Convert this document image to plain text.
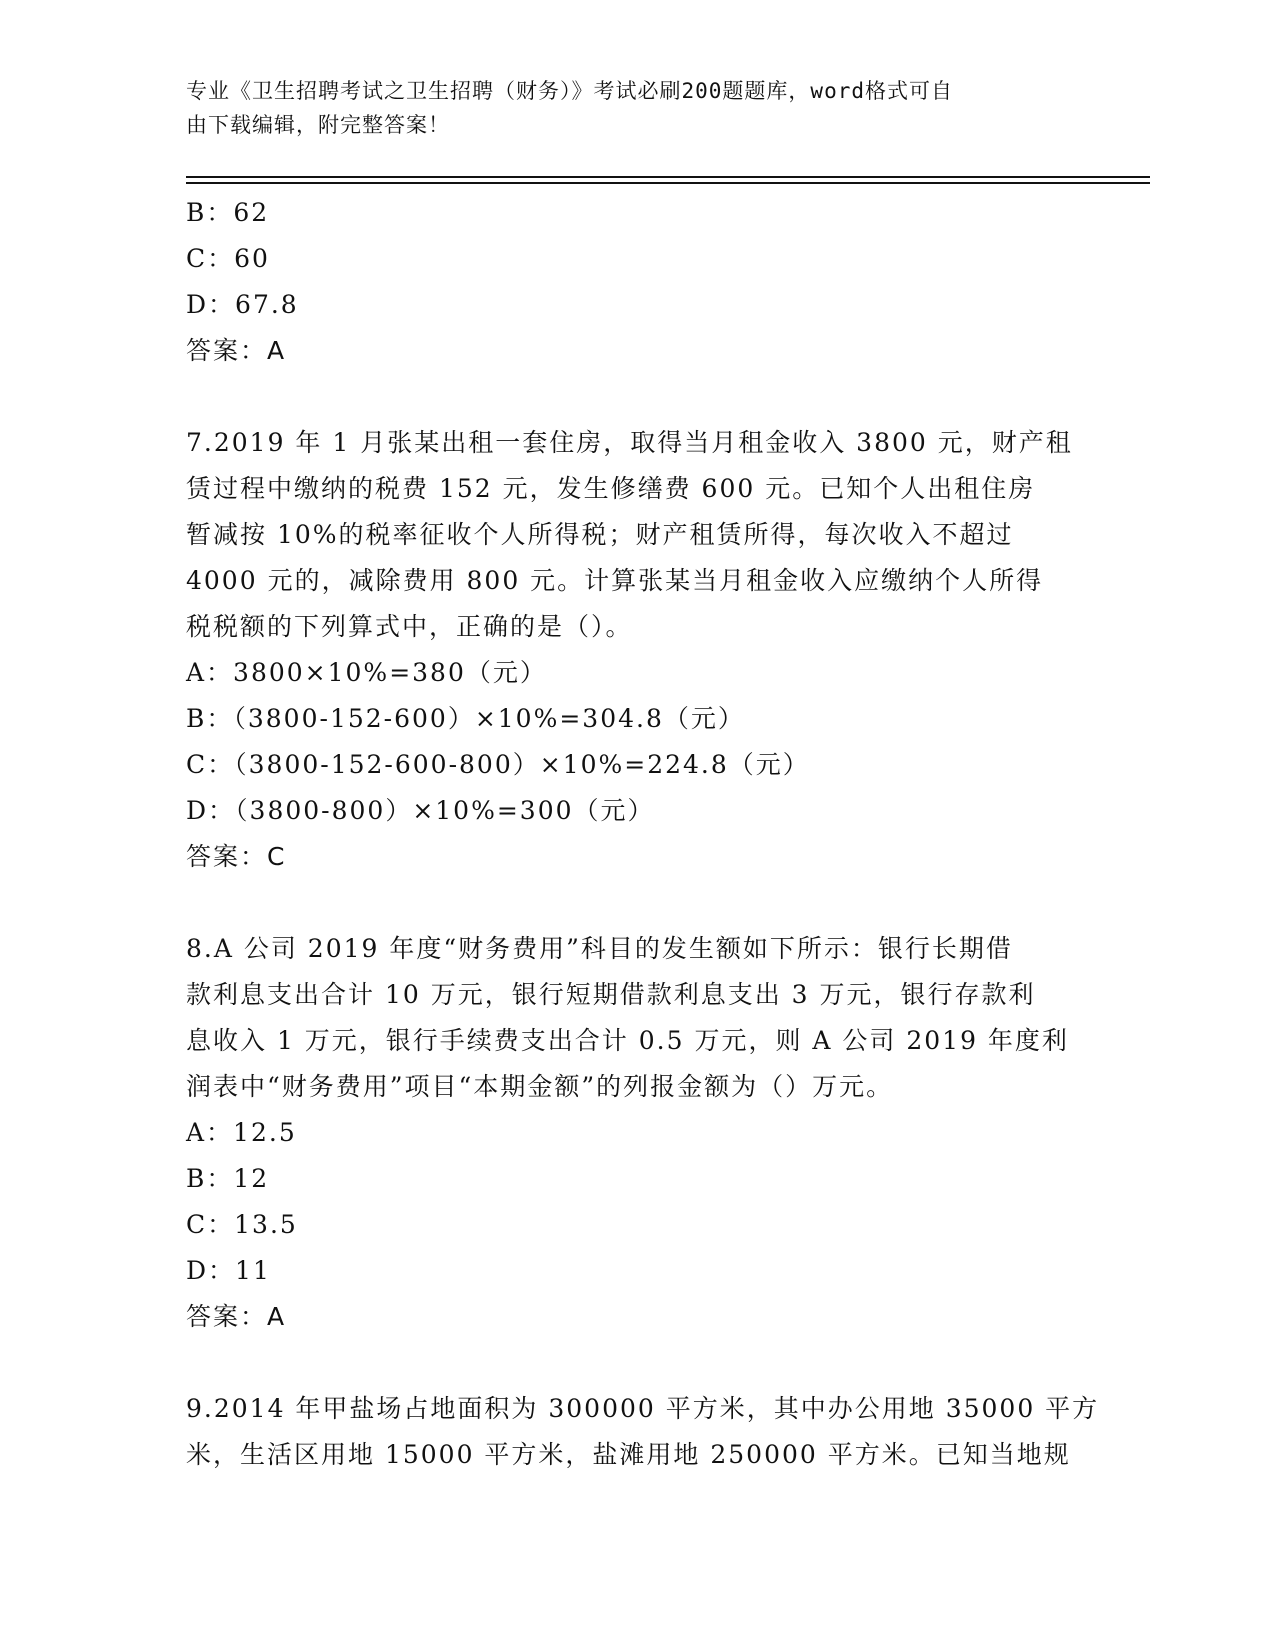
专业《卫生招聘考试之卫生招聘（财务）》考试必刷200题题库，word格式可自
由下载编辑，附完整答案！
B：62
C：60
D：67.8
答案：A
7.2019 年 1 月张某出租一套住房，取得当月租金收入 3800 元，财产租
赁过程中缴纳的税费 152 元，发生修缮费 600 元。已知个人出租住房
暂减按 10%的税率征收个人所得税；财产租赁所得，每次收入不超过
4000 元的，减除费用 800 元。计算张某当月租金收入应缴纳个人所得
税税额的下列算式中，正确的是（）。
A：3800×10%=380（元）
B：（3800-152-600）×10%=304.8（元）
C：（3800-152-600-800）×10%=224.8（元）
D：（3800-800）×10%=300（元）
答案：C
8.A 公司 2019 年度“财务费用”科目的发生额如下所示：银行长期借
款利息支出合计 10 万元，银行短期借款利息支出 3 万元，银行存款利
息收入 1 万元，银行手续费支出合计 0.5 万元，则 A 公司 2019 年度利
润表中“财务费用”项目“本期金额”的列报金额为（）万元。
A：12.5
B：12
C：13.5
D：11
答案：A
9.2014 年甲盐场占地面积为 300000 平方米，其中办公用地 35000 平方
米，生活区用地 15000 平方米，盐滩用地 250000 平方米。已知当地规
